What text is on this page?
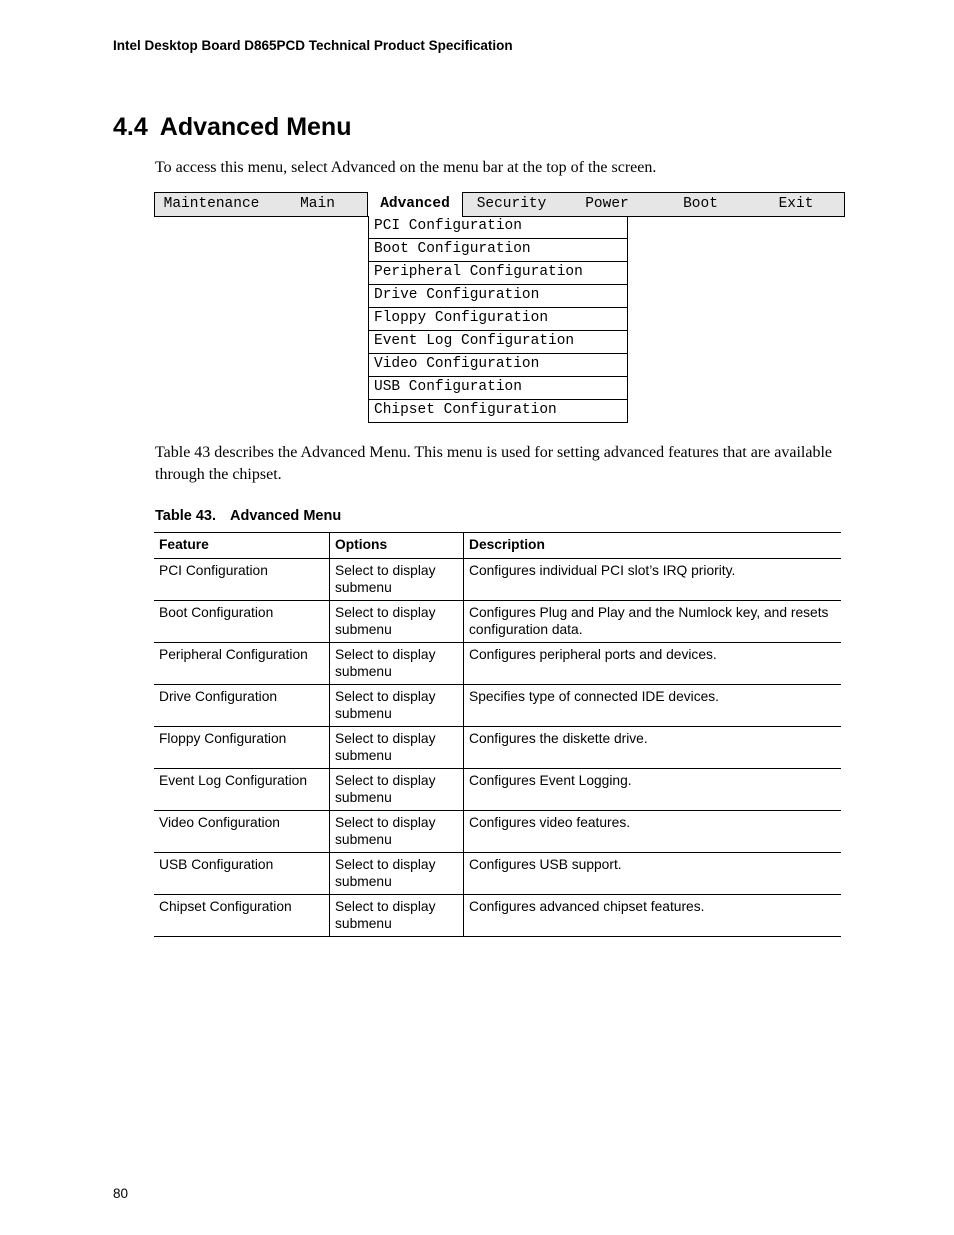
Intel Desktop Board D865PCD Technical Product Specification
4.4 Advanced Menu

To access this menu, select Advanced on the menu bar at the top of the screen.

Maintenance	Main	Advanced	Security	Power	Boot	Exit
PCI Configuration
Boot Configuration
Peripheral Configuration
Drive Configuration
Floppy Configuration
Event Log Configuration
Video Configuration
USB Configuration
Chipset Configuration

Table 43 describes the Advanced Menu. This menu is used for setting advanced features that are available through the chipset.

Table 43. Advanced Menu
Feature	Options	Description
PCI Configuration	Select to display submenu	Configures individual PCI slot’s IRQ priority.
Boot Configuration	Select to display submenu	Configures Plug and Play and the Numlock key, and resets configuration data.
Peripheral Configuration	Select to display submenu	Configures peripheral ports and devices.
Drive Configuration	Select to display submenu	Specifies type of connected IDE devices.
Floppy Configuration	Select to display submenu	Configures the diskette drive.
Event Log Configuration	Select to display submenu	Configures Event Logging.
Video Configuration	Select to display submenu	Configures video features.
USB Configuration	Select to display submenu	Configures USB support.
Chipset Configuration	Select to display submenu	Configures advanced chipset features.
80
